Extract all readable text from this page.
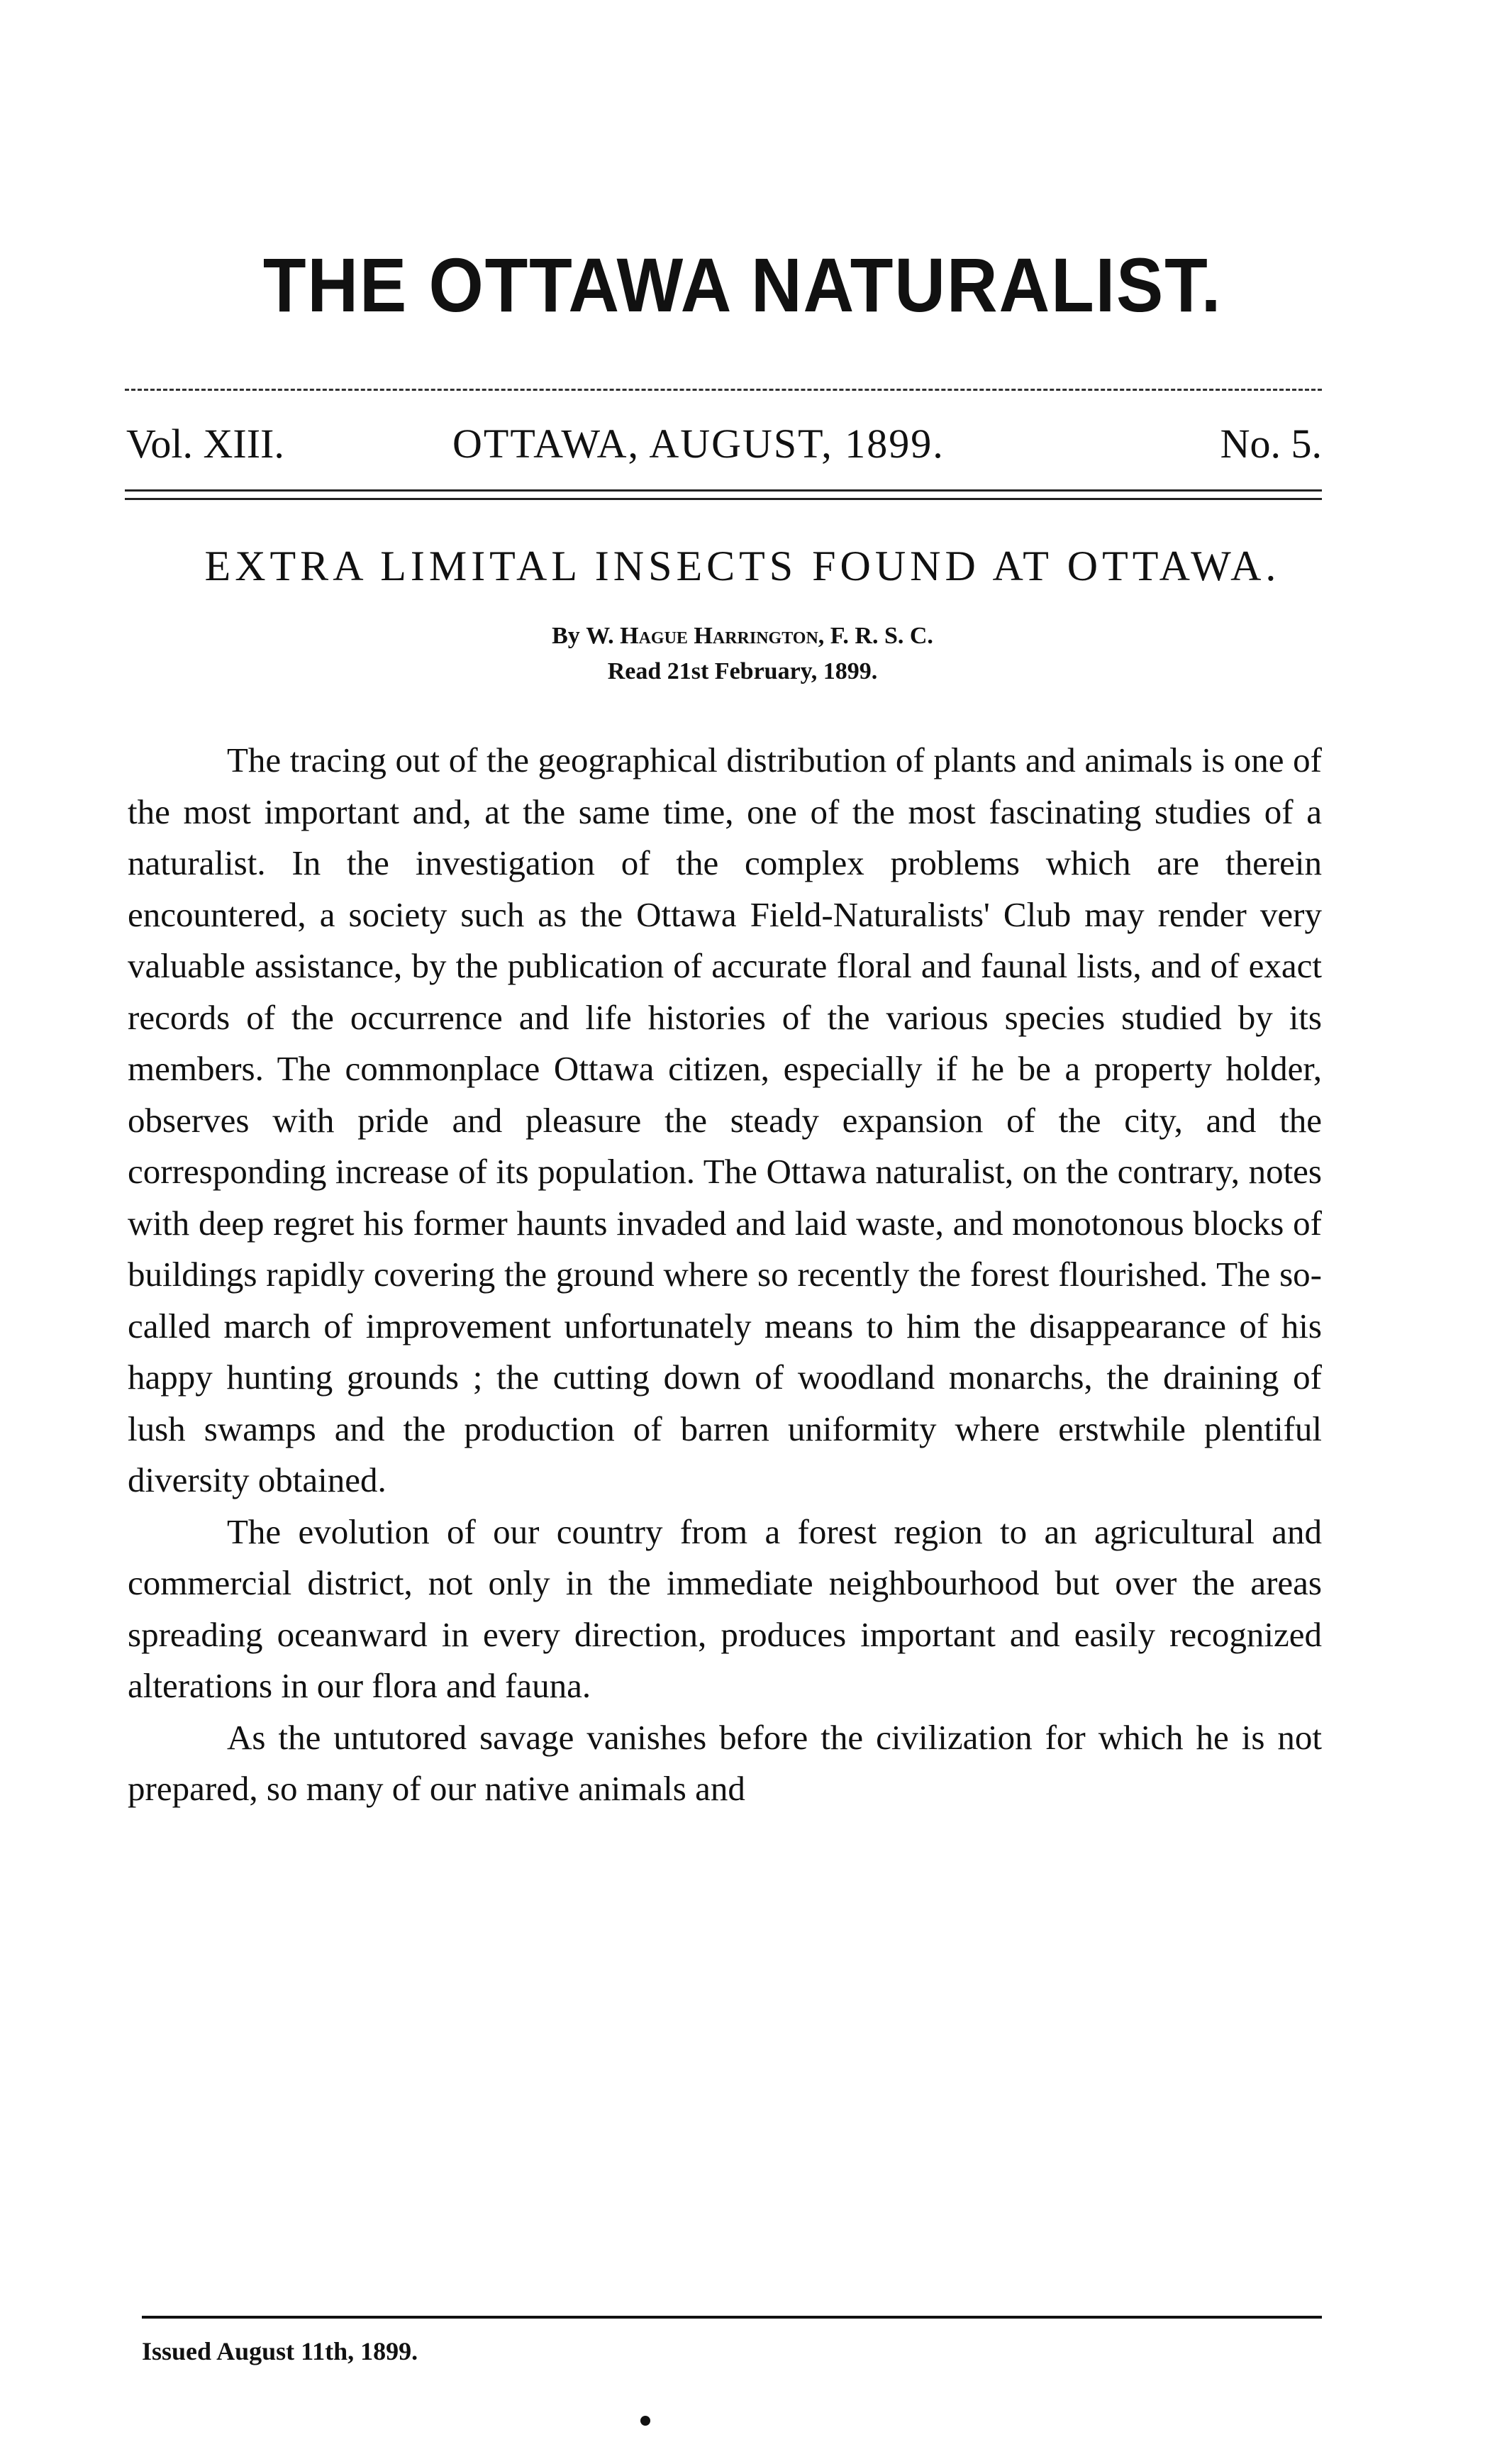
THE OTTAWA NATURALIST.
Vol. XIII.	OTTAWA, AUGUST, 1899.	No. 5.
EXTRA LIMITAL INSECTS FOUND AT OTTAWA.
By W. Hague Harrington, F. R. S. C.
Read 21st February, 1899.

The tracing out of the geographical distribution of plants and animals is one of the most important and, at the same time, one of the most fascinating studies of a naturalist. In the investigation of the complex problems which are therein encountered, a society such as the Ottawa Field-Naturalists' Club may render very valuable assistance, by the publication of accurate floral and faunal lists, and of exact records of the occurrence and life histories of the various species studied by its members. The commonplace Ottawa citizen, especially if he be a property holder, observes with pride and pleasure the steady expansion of the city, and the corresponding increase of its population. The Ottawa naturalist, on the contrary, notes with deep regret his former haunts invaded and laid waste, and monotonous blocks of buildings rapidly covering the ground where so recently the forest flourished. The so-called march of improvement unfortunately means to him the disappearance of his happy hunting grounds ; the cutting down of woodland monarchs, the draining of lush swamps and the production of barren uniformity where erstwhile plentiful diversity obtained.

The evolution of our country from a forest region to an agricultural and commercial district, not only in the immediate neighbourhood but over the areas spreading oceanward in every direction, produces important and easily recognized alterations in our flora and fauna.

As the untutored savage vanishes before the civilization for which he is not prepared, so many of our native animals and

Issued August 11th, 1899.
